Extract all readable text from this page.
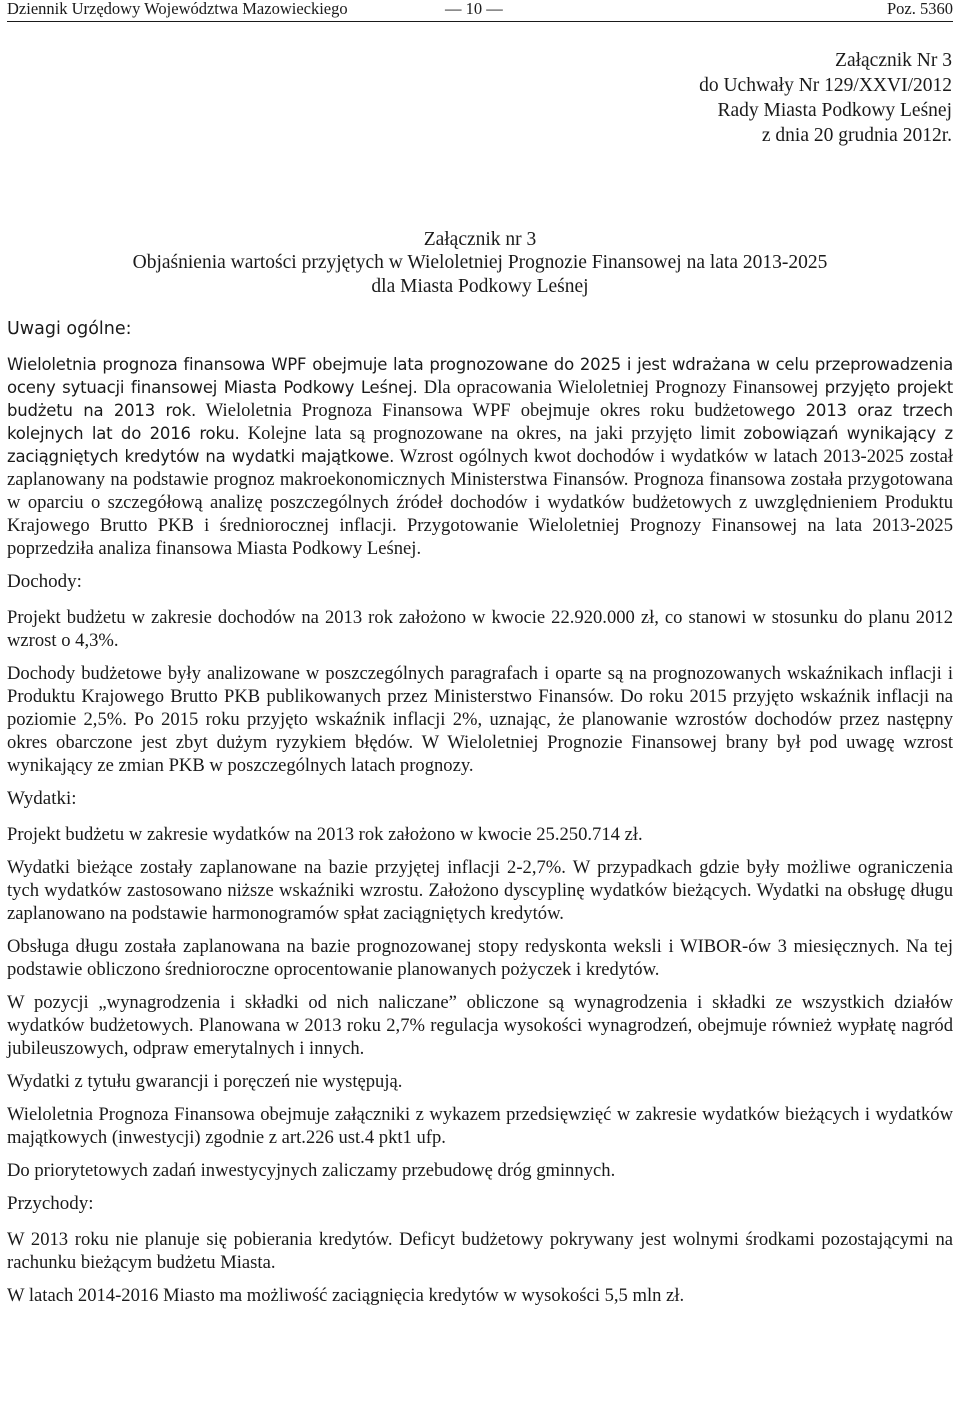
Dziennik Urzędowy Województwa Mazowieckiego	— 10 —	Poz. 5360
Załącznik Nr 3
do Uchwały Nr 129/XXVI/2012
Rady Miasta Podkowy Leśnej
z dnia 20 grudnia 2012r.
Załącznik nr 3
Objaśnienia wartości przyjętych w Wieloletniej Prognozie Finansowej na lata 2013-2025
dla Miasta Podkowy Leśnej

Uwagi ogólne:

Wieloletnia prognoza finansowa WPF obejmuje lata prognozowane do 2025 i jest wdrażana w celu przeprowadzenia oceny sytuacji finansowej Miasta Podkowy Leśnej. Dla opracowania Wieloletniej Prognozy Finansowej przyjęto projekt budżetu na 2013 rok. Wieloletnia Prognoza Finansowa WPF obejmuje okres roku budżetowego 2013 oraz trzech kolejnych lat do 2016 roku. Kolejne lata są prognozowane na okres, na jaki przyjęto limit zobowiązań wynikający z zaciągniętych kredytów na wydatki majątkowe. Wzrost ogólnych kwot dochodów i wydatków w latach 2013-2025 został zaplanowany na podstawie prognoz makroekonomicznych Ministerstwa Finansów. Prognoza finansowa została przygotowana w oparciu o szczegółową analizę poszczególnych źródeł dochodów i wydatków budżetowych z uwzględnieniem Produktu Krajowego Brutto PKB i średniorocznej inflacji. Przygotowanie Wieloletniej Prognozy Finansowej na lata 2013-2025 poprzedziła analiza finansowa Miasta Podkowy Leśnej.

Dochody:

Projekt budżetu w zakresie dochodów na 2013 rok założono w kwocie 22.920.000 zł, co stanowi w stosunku do planu 2012 wzrost o 4,3%.

Dochody budżetowe były analizowane w poszczególnych paragrafach i oparte są na prognozowanych wskaźnikach inflacji i Produktu Krajowego Brutto PKB publikowanych przez Ministerstwo Finansów. Do roku 2015 przyjęto wskaźnik inflacji na poziomie 2,5%. Po 2015 roku przyjęto wskaźnik inflacji 2%, uznając, że planowanie wzrostów dochodów przez następny okres obarczone jest zbyt dużym ryzykiem błędów. W Wieloletniej Prognozie Finansowej brany był pod uwagę wzrost wynikający ze zmian PKB w poszczególnych latach prognozy.

Wydatki:

Projekt budżetu w zakresie wydatków na 2013 rok założono w kwocie 25.250.714 zł.

Wydatki bieżące zostały zaplanowane na bazie przyjętej inflacji 2-2,7%. W przypadkach gdzie były możliwe ograniczenia tych wydatków zastosowano niższe wskaźniki wzrostu. Założono dyscyplinę wydatków bieżących. Wydatki na obsługę długu zaplanowano na podstawie harmonogramów spłat zaciągniętych kredytów.

Obsługa długu została zaplanowana na bazie prognozowanej stopy redyskonta weksli i WIBOR-ów 3 miesięcznych. Na tej podstawie obliczono średnioroczne oprocentowanie planowanych pożyczek i kredytów.

W pozycji „wynagrodzenia i składki od nich naliczane” obliczone są wynagrodzenia i składki ze wszystkich działów wydatków budżetowych. Planowana w 2013 roku 2,7% regulacja wysokości wynagrodzeń, obejmuje również wypłatę nagród jubileuszowych, odpraw emerytalnych i innych.

Wydatki z tytułu gwarancji i poręczeń nie występują.

Wieloletnia Prognoza Finansowa obejmuje załączniki z wykazem przedsięwzięć w zakresie wydatków bieżących i wydatków majątkowych (inwestycji) zgodnie z art.226 ust.4 pkt1 ufp.

Do priorytetowych zadań inwestycyjnych zaliczamy przebudowę dróg gminnych.

Przychody:

W 2013 roku nie planuje się pobierania kredytów. Deficyt budżetowy pokrywany jest wolnymi środkami pozostającymi na rachunku bieżącym budżetu Miasta.

W latach 2014-2016 Miasto ma możliwość zaciągnięcia kredytów w wysokości 5,5 mln zł.
